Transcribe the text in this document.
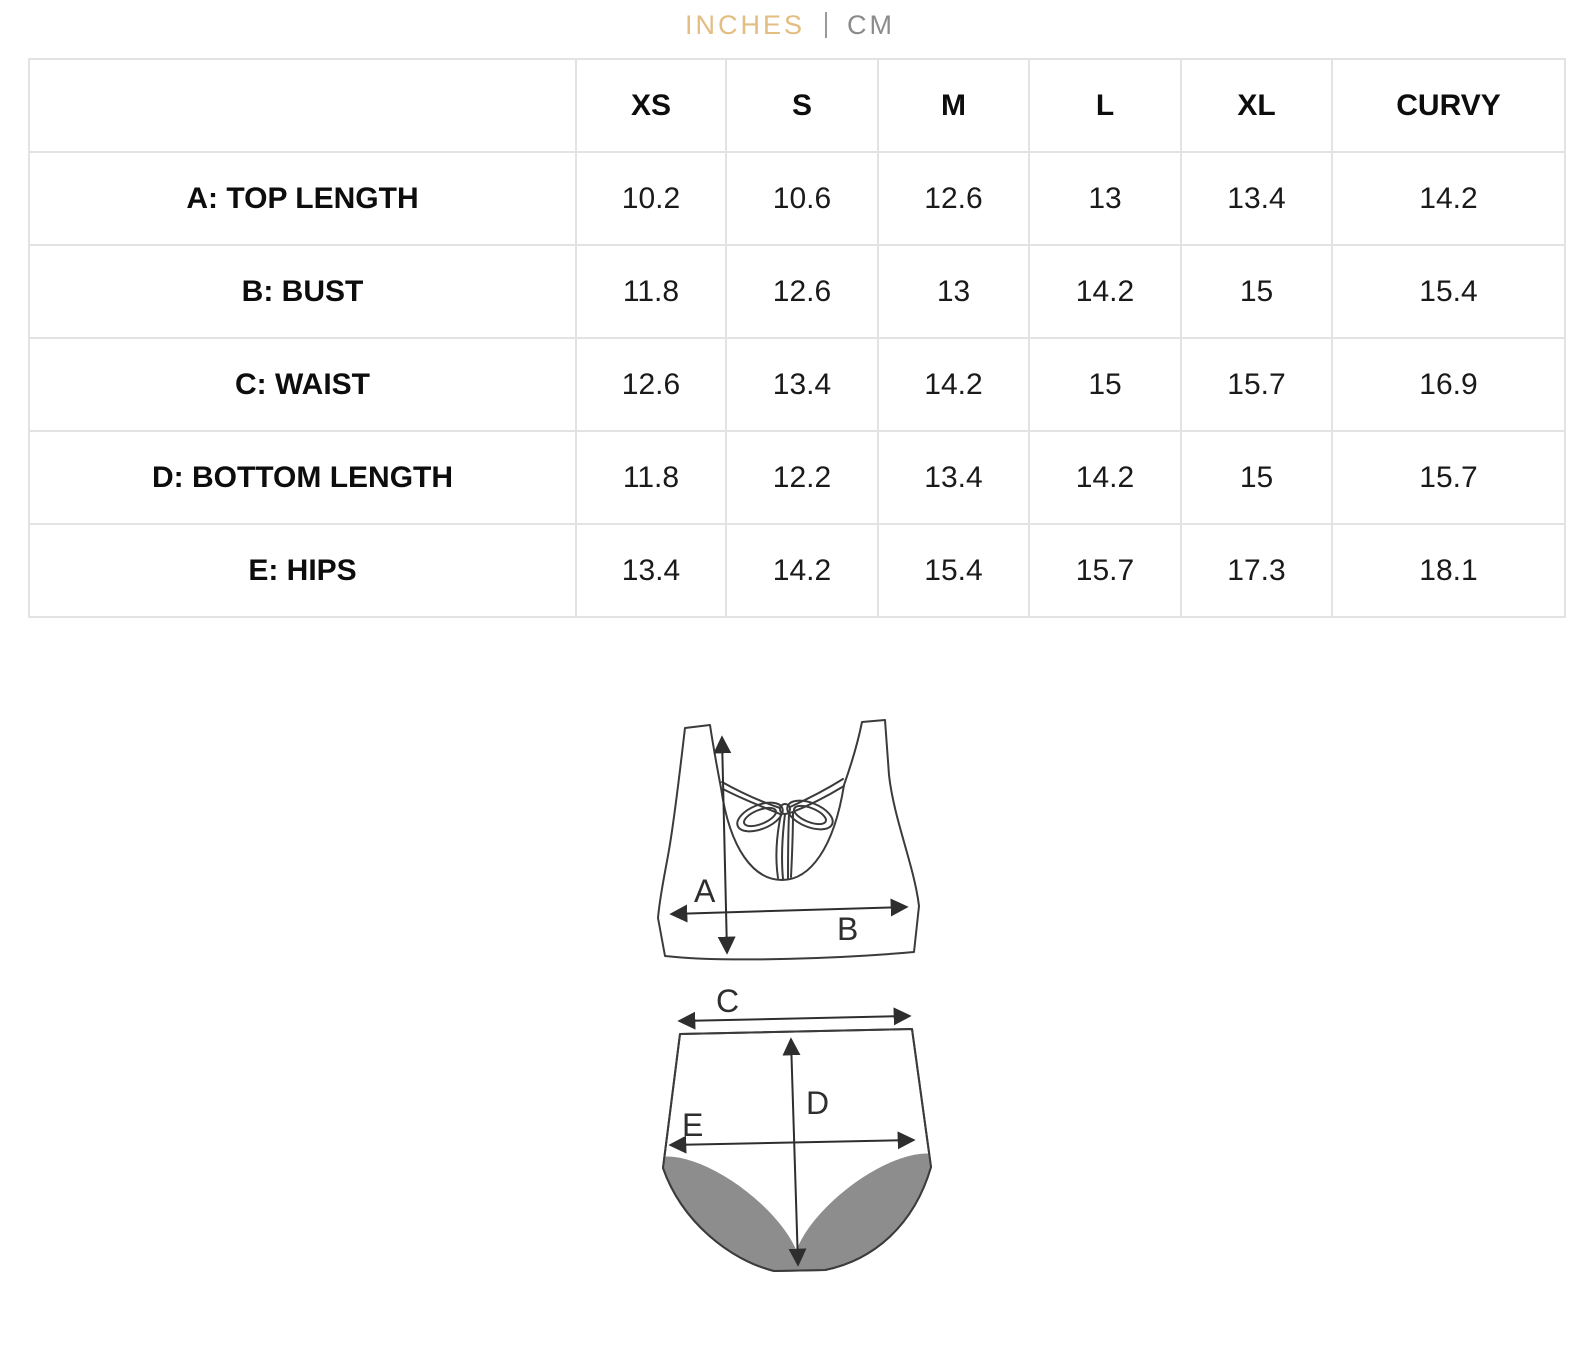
INCHES CM
	XS	S	M	L	XL	CURVY
A: TOP LENGTH	10.2	10.6	12.6	13	13.4	14.2
B: BUST	11.8	12.6	13	14.2	15	15.4
C: WAIST	12.6	13.4	14.2	15	15.7	16.9
D: BOTTOM LENGTH	11.8	12.2	13.4	14.2	15	15.7
E: HIPS	13.4	14.2	15.4	15.7	17.3	18.1
A
B
C
D
E
